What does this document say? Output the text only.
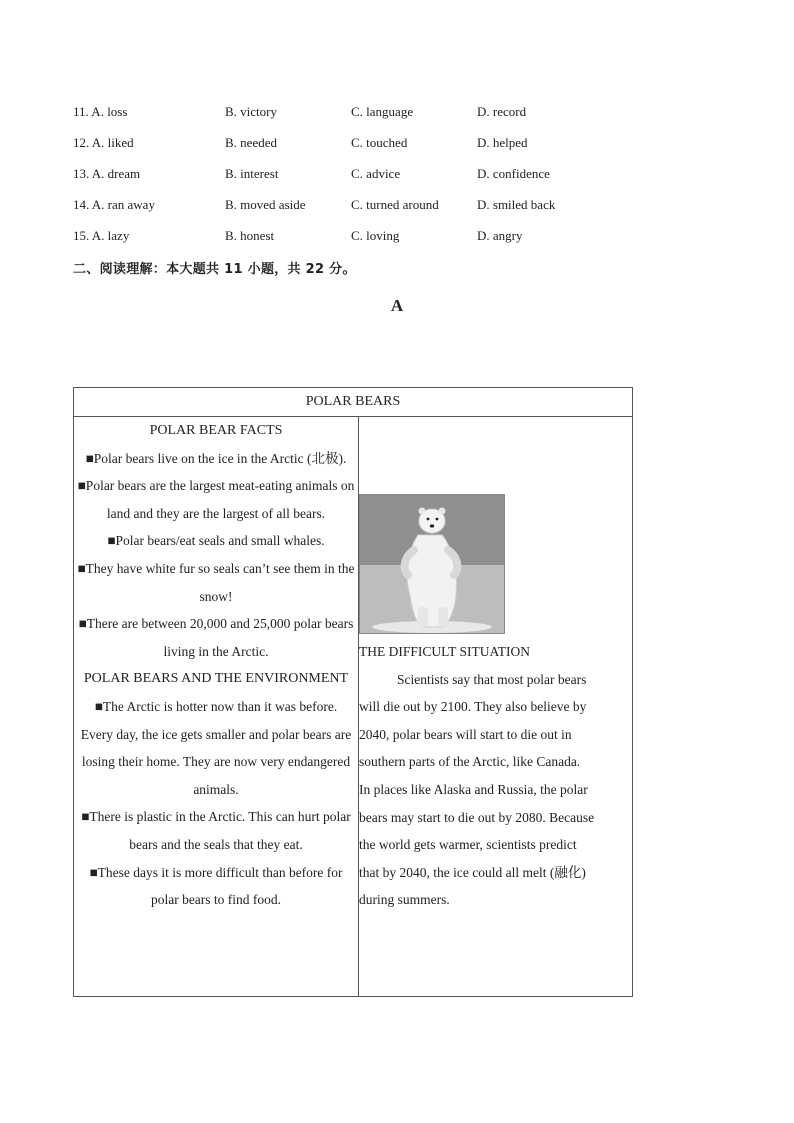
11. A. loss	B. victory	C. language	D. record
12. A. liked	B. needed	C. touched	D. helped
13. A. dream	B. interest	C. advice	D. confidence
14. A. ran away	B. moved aside	C. turned around	D. smiled back
15. A. lazy	B. honest	C. loving	D. angry
二、阅读理解：本大题共 11 小题，共 22 分。
A
POLAR BEARS

POLAR BEAR FACTS

■Polar bears live on the ice in the Arctic (北极).

■Polar bears are the largest meat-eating animals on land and they are the largest of all bears.

■Polar bears/eat seals and small whales.

■They have white fur so seals can’t see them in the snow!

■There are between 20,000 and 25,000 polar bears living in the Arctic.

POLAR BEARS AND THE ENVIRONMENT

■The Arctic is hotter now than it was before. Every day, the ice gets smaller and polar bears are losing their home. They are now very endangered animals.

■There is plastic in the Arctic. This can hurt polar bears and the seals that they eat.

■These days it is more difficult than before for polar bears to find food.

THE DIFFICULT SITUATION

Scientists say that most polar bears

will die out by 2100. They also believe by

2040, polar bears will start to die out in

southern parts of the Arctic, like Canada.

In places like Alaska and Russia, the polar

bears may start to die out by 2080. Because

the world gets warmer, scientists predict

that by 2040, the ice could all melt (融化)

during summers.
